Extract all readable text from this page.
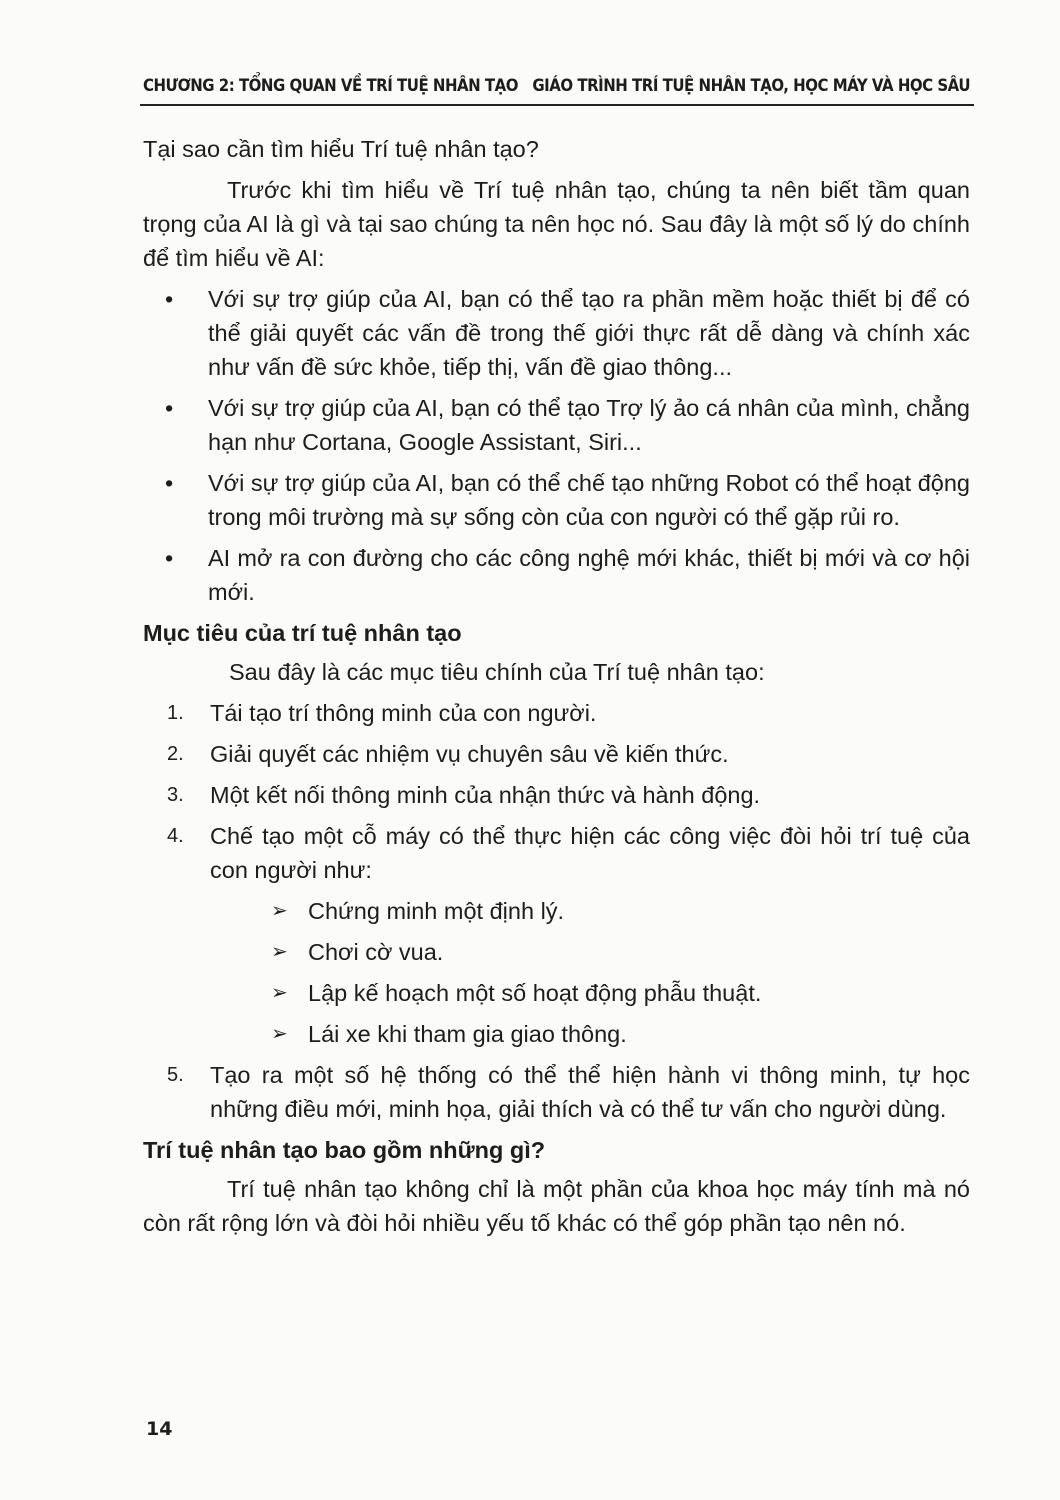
CHƯƠNG 2: TỔNG QUAN VỀ TRÍ TUỆ NHÂN TẠO GIÁO TRÌNH TRÍ TUỆ NHÂN TẠO, HỌC MÁY VÀ HỌC SÂU

Tại sao cần tìm hiểu Trí tuệ nhân tạo?

Trước khi tìm hiểu về Trí tuệ nhân tạo, chúng ta nên biết tầm quan trọng của AI là gì và tại sao chúng ta nên học nó. Sau đây là một số lý do chính để tìm hiểu về AI:

•	Với sự trợ giúp của AI, bạn có thể tạo ra phần mềm hoặc thiết bị để có thể giải quyết các vấn đề trong thế giới thực rất dễ dàng và chính xác như vấn đề sức khỏe, tiếp thị, vấn đề giao thông...
•	Với sự trợ giúp của AI, bạn có thể tạo Trợ lý ảo cá nhân của mình, chẳng hạn như Cortana, Google Assistant, Siri...
•	Với sự trợ giúp của AI, bạn có thể chế tạo những Robot có thể hoạt động trong môi trường mà sự sống còn của con người có thể gặp rủi ro.
•	AI mở ra con đường cho các công nghệ mới khác, thiết bị mới và cơ hội mới.

Mục tiêu của trí tuệ nhân tạo

Sau đây là các mục tiêu chính của Trí tuệ nhân tạo:

1.	Tái tạo trí thông minh của con người.
2.	Giải quyết các nhiệm vụ chuyên sâu về kiến thức.
3.	Một kết nối thông minh của nhận thức và hành động.
4.	Chế tạo một cỗ máy có thể thực hiện các công việc đòi hỏi trí tuệ của con người như:
➢ Chứng minh một định lý.
➢ Chơi cờ vua.
➢ Lập kế hoạch một số hoạt động phẫu thuật.
➢ Lái xe khi tham gia giao thông.
5.	Tạo ra một số hệ thống có thể thể hiện hành vi thông minh, tự học những điều mới, minh họa, giải thích và có thể tư vấn cho người dùng.

Trí tuệ nhân tạo bao gồm những gì?

Trí tuệ nhân tạo không chỉ là một phần của khoa học máy tính mà nó còn rất rộng lớn và đòi hỏi nhiều yếu tố khác có thể góp phần tạo nên nó.

14
